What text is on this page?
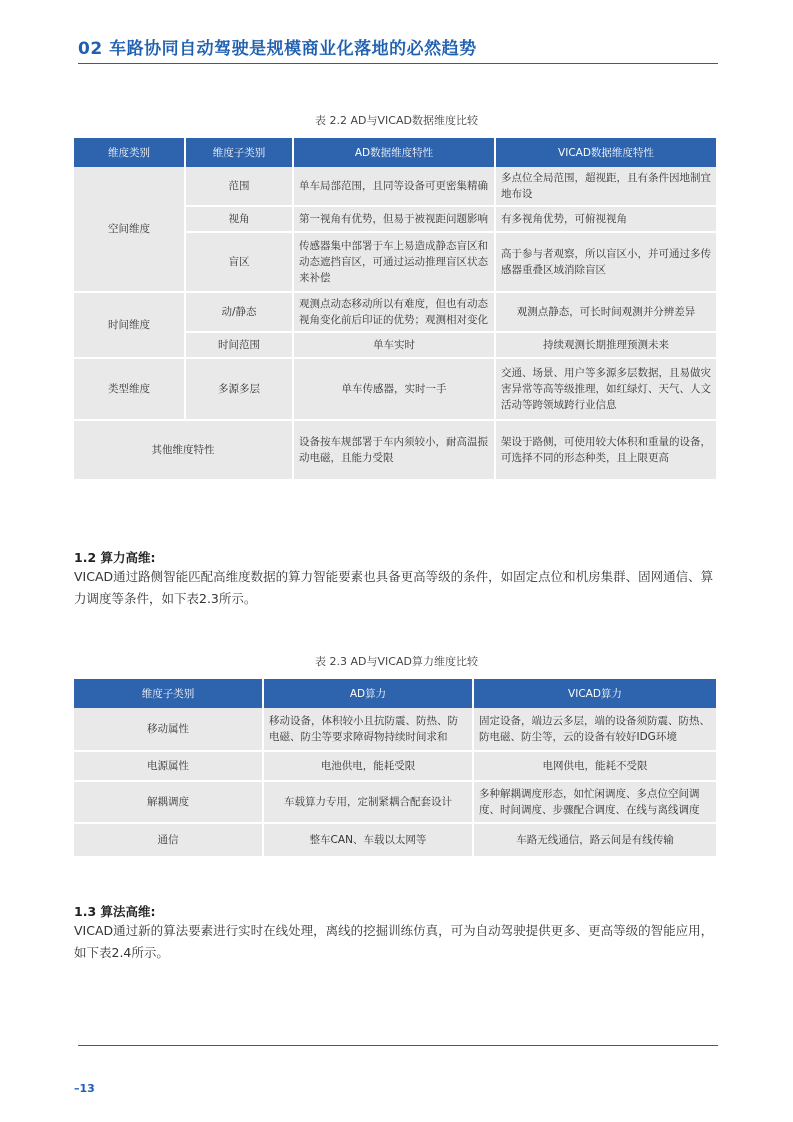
02 车路协同自动驾驶是规模商业化落地的必然趋势
表 2.2 AD与VICAD数据维度比较
维度类别	维度子类别	AD数据维度特性	VICAD数据维度特性
空间维度	范围	单车局部范围，且同等设备可更密集精确	多点位全局范围，超视距，且有条件因地制宜地布设
	视角	第一视角有优势，但易于被视距问题影响	有多视角优势，可俯视视角
	盲区	传感器集中部署于车上易造成静态盲区和动态遮挡盲区，可通过运动推理盲区状态来补偿	高于参与者观察，所以盲区小，并可通过多传感器重叠区域消除盲区
时间维度	动/静态	观测点动态移动所以有难度，但也有动态视角变化前后印证的优势；观测相对变化	观测点静态，可长时间观测并分辨差异
	时间范围	单车实时	持续观测长期推理预测未来
类型维度	多源多层	单车传感器，实时一手	交通、场景、用户等多源多层数据，且易做灾害异常等高等级推理，如红绿灯、天气、人文活动等跨领域跨行业信息
其他维度特性		设备按车规部署于车内须较小，耐高温振动电磁，且能力受限	架设于路侧，可使用较大体积和重量的设备，可选择不同的形态种类，且上限更高
1.2 算力高维:
VICAD通过路侧智能匹配高维度数据的算力智能要素也具备更高等级的条件，如固定点位和机房集群、固网通信、算力调度等条件，如下表2.3所示。
表 2.3 AD与VICAD算力维度比较
维度子类别	AD算力	VICAD算力
移动属性	移动设备，体积较小且抗防震、防热、防电磁、防尘等要求障碍物持续时间求和	固定设备，端边云多层，端的设备须防震、防热、防电磁、防尘等，云的设备有较好IDG环境
电源属性	电池供电，能耗受限	电网供电，能耗不受限
解耦调度	车载算力专用，定制紧耦合配套设计	多种解耦调度形态，如忙闲调度、多点位空间调度、时间调度、步骤配合调度、在线与离线调度
通信	整车CAN、车载以太网等	车路无线通信，路云间是有线传输
1.3 算法高维:
VICAD通过新的算法要素进行实时在线处理，离线的挖掘训练仿真，可为自动驾驶提供更多、更高等级的智能应用，如下表2.4所示。
–13
